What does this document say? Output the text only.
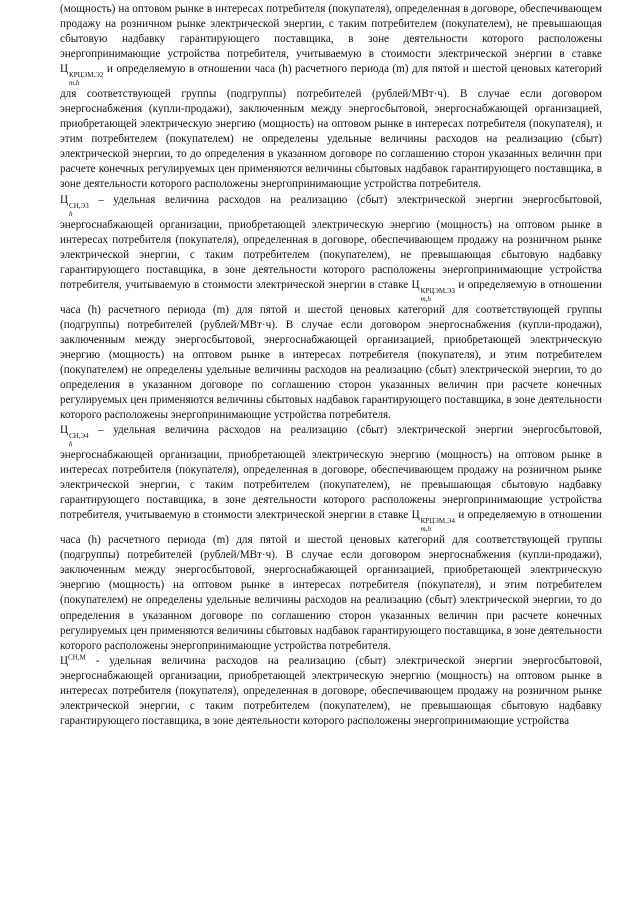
(мощность) на оптовом рынке в интересах потребителя (покупателя), определенная в договоре, обеспечивающем продажу на розничном рынке электрической энергии, с таким потребителем (покупателем), не превышающая сбытовую надбавку гарантирующего поставщика, в зоне деятельности которого расположены энергопринимающие устройства потребителя, учитываемую в стоимости электрической энергии в ставке Ц КРЦЭМ,Э2
m,h
и определяемую в отношении часа (h) расчетного периода (m) для пятой и шестой ценовых категорий для соответствующей группы (подгруппы) потребителей (рублей/МВт·ч). В случае если договором энергоснабжения (купли-продажи), заключенным между энергосбытовой, энергоснабжающей организацией, приобретающей электрическую энергию (мощность) на оптовом рынке в интересах потребителя (покупателя), и этим потребителем (покупателем) не определены удельные величины расходов на реализацию (сбыт) электрической энергии, то до определения в указанном договоре по соглашению сторон указанных величин при расчете конечных регулируемых цен применяются величины сбытовых надбавок гарантирующего поставщика, в зоне деятельности которого расположены энергопринимающие устройства потребителя.

Ц СН,ЭЗ
h
– удельная величина расходов на реализацию (сбыт) электрической энергии энергосбытовой, энергоснабжающей организации, приобретающей электрическую энергию (мощность) на оптовом рынке в интересах потребителя (покупателя), определенная в договоре, обеспечивающем продажу на розничном рынке электрической энергии, с таким потребителем (покупателем), не превышающая сбытовую надбавку гарантирующего поставщика, в зоне деятельности которого расположены энергопринимающие устройства потребителя, учитываемую в стоимости электрической энергии в ставке Ц КРЦЭМ,ЭЗ
m,h
и определяемую в отношении часа (h) расчетного периода (m) для пятой и шестой ценовых категорий для соответствующей группы (подгруппы) потребителей (рублей/МВт·ч). В случае если договором энергоснабжения (купли-продажи), заключенным между энергосбытовой, энергоснабжающей организацией, приобретающей электрическую энергию (мощность) на оптовом рынке в интересах потребителя (покупателя), и этим потребителем (покупателем) не определены удельные величины расходов на реализацию (сбыт) электрической энергии, то до определения в указанном договоре по соглашению сторон указанных величин при расчете конечных регулируемых цен применяются величины сбытовых надбавок гарантирующего поставщика, в зоне деятельности которого расположены энергопринимающие устройства потребителя.

Ц СН,Э4
h
– удельная величина расходов на реализацию (сбыт) электрической энергии энергосбытовой, энергоснабжающей организации, приобретающей электрическую энергию (мощность) на оптовом рынке в интересах потребителя (покупателя), определенная в договоре, обеспечивающем продажу на розничном рынке электрической энергии, с таким потребителем (покупателем), не превышающая сбытовую надбавку гарантирующего поставщика, в зоне деятельности которого расположены энергопринимающие устройства потребителя, учитываемую в стоимости электрической энергии в ставке Ц КРЦЭМ,Э4
m,h
и определяемую в отношении часа (h) расчетного периода (m) для пятой и шестой ценовых категорий для соответствующей группы (подгруппы) потребителей (рублей/МВт·ч). В случае если договором энергоснабжения (купли-продажи), заключенным между энергосбытовой, энергоснабжающей организацией, приобретающей электрическую энергию (мощность) на оптовом рынке в интересах потребителя (покупателя), и этим потребителем (покупателем) не определены удельные величины расходов на реализацию (сбыт) электрической энергии, то до определения в указанном договоре по соглашению сторон указанных величин при расчете конечных регулируемых цен применяются величины сбытовых надбавок гарантирующего поставщика, в зоне деятельности которого расположены энергопринимающие устройства потребителя.

$Ц^{СН,М}$ - удельная величина расходов на реализацию (сбыт) электрической энергии энергосбытовой, энергоснабжающей организации, приобретающей электрическую энергию (мощность) на оптовом рынке в интересах потребителя (покупателя), определенная в договоре, обеспечивающем продажу на розничном рынке электрической энергии, с таким потребителем (покупателем), не превышающая сбытовую надбавку гарантирующего поставщика, в зоне деятельности которого расположены энергопринимающие устройства
